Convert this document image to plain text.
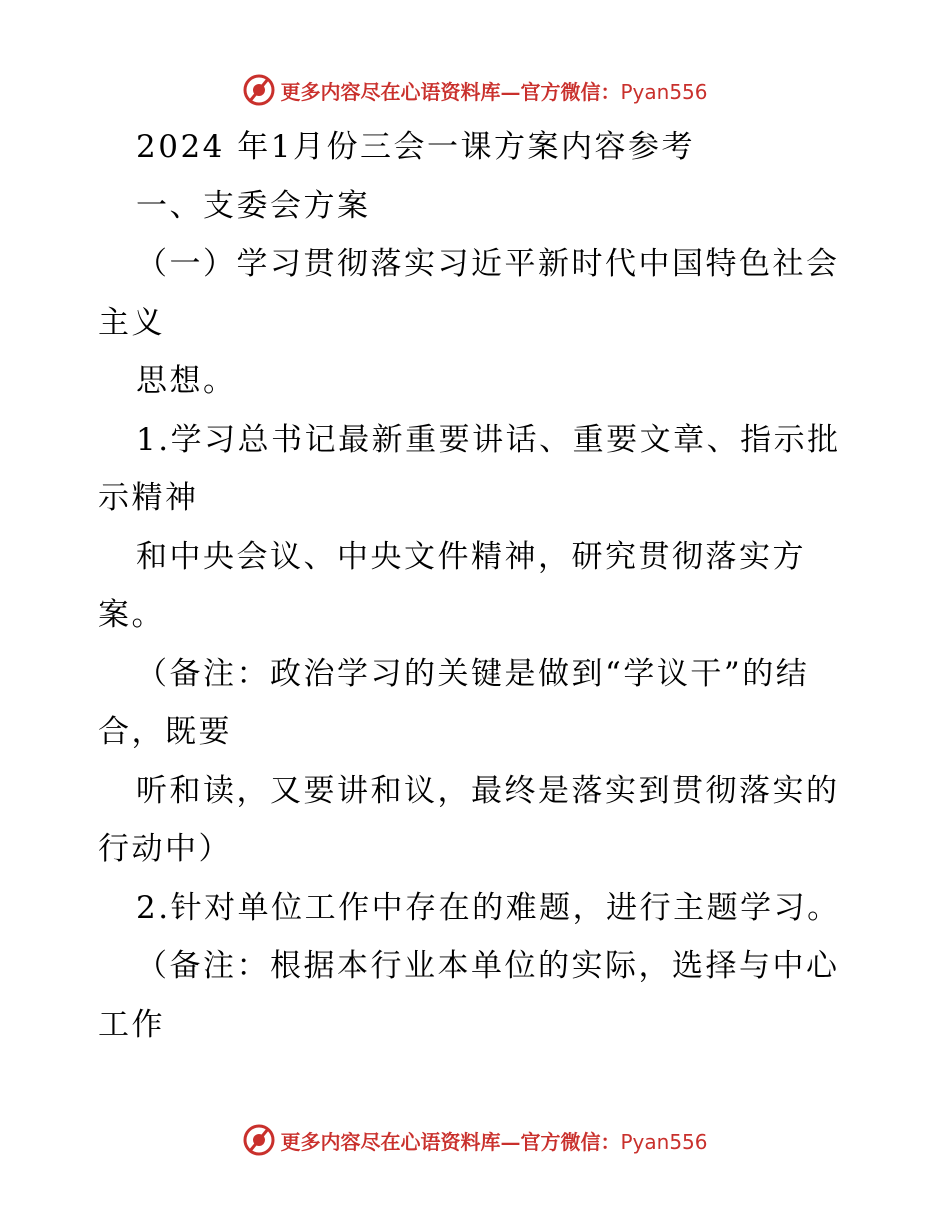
更多内容尽在心语资料库—官方微信：Pyan556
2024 年1月份三会一课方案内容参考
一、支委会方案
（一）学习贯彻落实习近平新时代中国特色社会
主义
思想。
1.学习总书记最新重要讲话、重要文章、指示批
示精神
和中央会议、中央文件精神，研究贯彻落实方
案。
（备注：政治学习的关键是做到“学议干”的结
合，既要
听和读，又要讲和议，最终是落实到贯彻落实的
行动中）
2.针对单位工作中存在的难题，进行主题学习。
（备注：根据本行业本单位的实际，选择与中心
工作
更多内容尽在心语资料库—官方微信：Pyan556
